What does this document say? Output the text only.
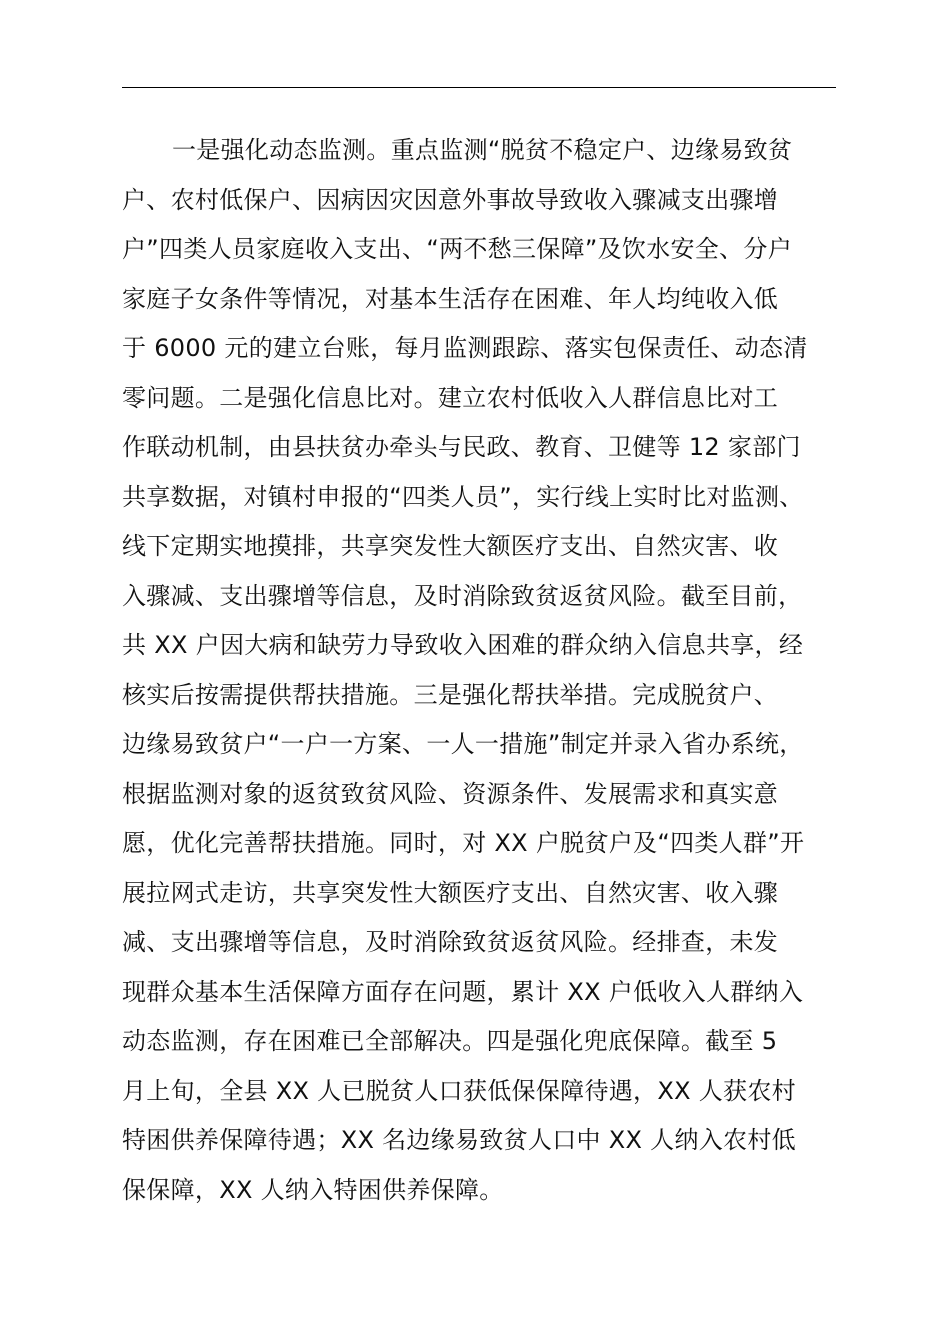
一是强化动态监测。重点监测“脱贫不稳定户、边缘易致贫
户、农村低保户、因病因灾因意外事故导致收入骤减支出骤增
户”四类人员家庭收入支出、“两不愁三保障”及饮水安全、分户
家庭子女条件等情况，对基本生活存在困难、年人均纯收入低
于 6000 元的建立台账，每月监测跟踪、落实包保责任、动态清
零问题。二是强化信息比对。建立农村低收入人群信息比对工
作联动机制，由县扶贫办牵头与民政、教育、卫健等 12 家部门
共享数据，对镇村申报的“四类人员”，实行线上实时比对监测、
线下定期实地摸排，共享突发性大额医疗支出、自然灾害、收
入骤减、支出骤增等信息，及时消除致贫返贫风险。截至目前，
共 XX 户因大病和缺劳力导致收入困难的群众纳入信息共享，经
核实后按需提供帮扶措施。三是强化帮扶举措。完成脱贫户、
边缘易致贫户“一户一方案、一人一措施”制定并录入省办系统，
根据监测对象的返贫致贫风险、资源条件、发展需求和真实意
愿，优化完善帮扶措施。同时，对 XX 户脱贫户及“四类人群”开
展拉网式走访，共享突发性大额医疗支出、自然灾害、收入骤
减、支出骤增等信息，及时消除致贫返贫风险。经排查，未发
现群众基本生活保障方面存在问题，累计 XX 户低收入人群纳入
动态监测，存在困难已全部解决。四是强化兜底保障。截至 5
月上旬，全县 XX 人已脱贫人口获低保保障待遇，XX 人获农村
特困供养保障待遇；XX 名边缘易致贫人口中 XX 人纳入农村低
保保障，XX 人纳入特困供养保障。
